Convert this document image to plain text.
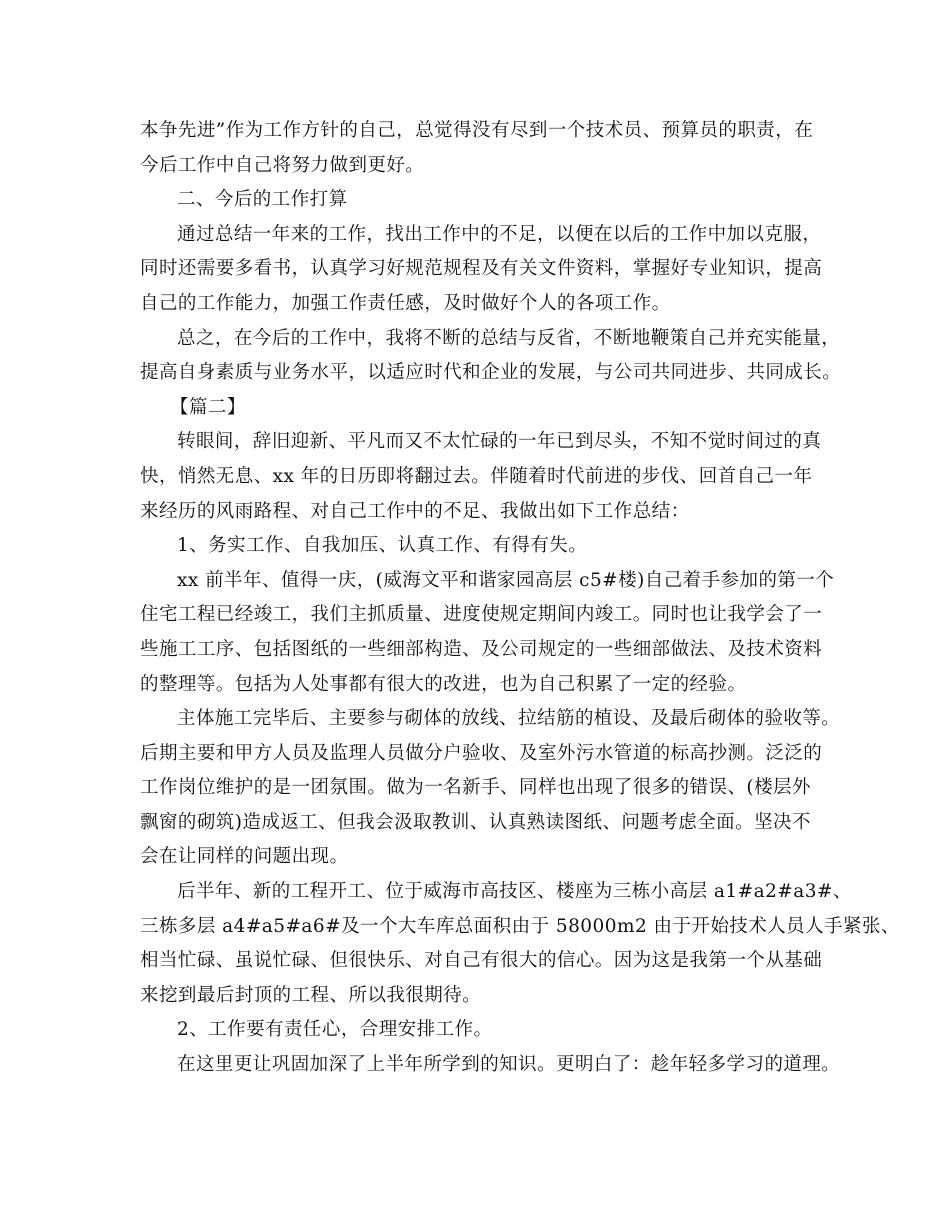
本争先进”作为工作方针的自己，总觉得没有尽到一个技术员、预算员的职责，在
今后工作中自己将努力做到更好。
二、今后的工作打算
通过总结一年来的工作，找出工作中的不足，以便在以后的工作中加以克服，
同时还需要多看书，认真学习好规范规程及有关文件资料，掌握好专业知识，提高
自己的工作能力，加强工作责任感，及时做好个人的各项工作。
总之，在今后的工作中，我将不断的总结与反省，不断地鞭策自己并充实能量，
提高自身素质与业务水平，以适应时代和企业的发展，与公司共同进步、共同成长。
【篇二】
转眼间，辞旧迎新、平凡而又不太忙碌的一年已到尽头，不知不觉时间过的真
快，悄然无息、xx 年的日历即将翻过去。伴随着时代前进的步伐、回首自己一年
来经历的风雨路程、对自己工作中的不足、我做出如下工作总结：
1、务实工作、自我加压、认真工作、有得有失。
xx 前半年、值得一庆，(威海文平和谐家园高层 c5#楼)自己着手参加的第一个
住宅工程已经竣工，我们主抓质量、进度使规定期间内竣工。同时也让我学会了一
些施工工序、包括图纸的一些细部构造、及公司规定的一些细部做法、及技术资料
的整理等。包括为人处事都有很大的改进，也为自己积累了一定的经验。
主体施工完毕后、主要参与砌体的放线、拉结筋的植设、及最后砌体的验收等。
后期主要和甲方人员及监理人员做分户验收、及室外污水管道的标高抄测。泛泛的
工作岗位维护的是一团氛围。做为一名新手、同样也出现了很多的错误、(楼层外
飘窗的砌筑)造成返工、但我会汲取教训、认真熟读图纸、问题考虑全面。坚决不
会在让同样的问题出现。
后半年、新的工程开工、位于威海市高技区、楼座为三栋小高层 a1#a2#a3#、
三栋多层 a4#a5#a6#及一个大车库总面积由于 58000m2 由于开始技术人员人手紧张、
相当忙碌、虽说忙碌、但很快乐、对自己有很大的信心。因为这是我第一个从基础
来挖到最后封顶的工程、所以我很期待。
2、工作要有责任心，合理安排工作。
在这里更让巩固加深了上半年所学到的知识。更明白了：趁年轻多学习的道理。
